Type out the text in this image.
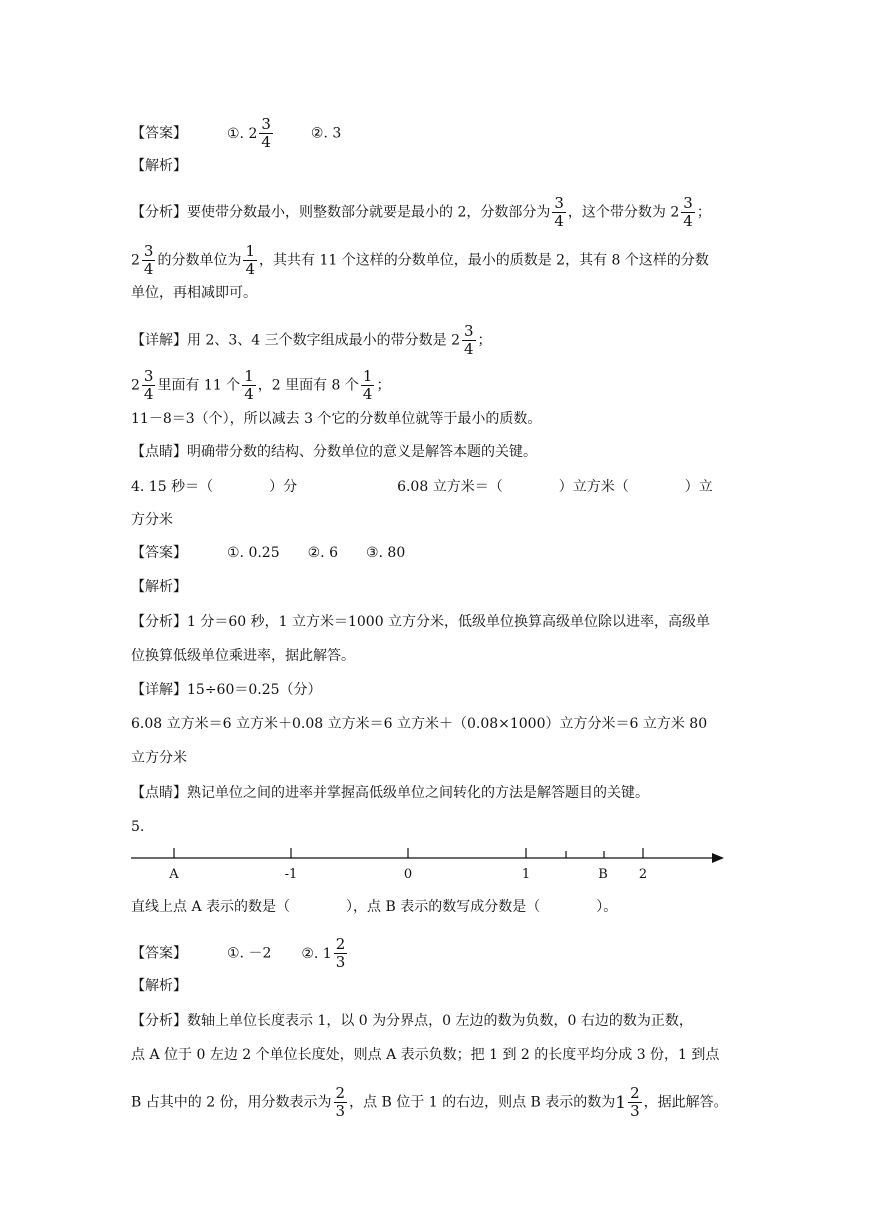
【答案】	①. $2 \frac{3}{4}$	②. 3
【解析】
【分析】要使带分数最小，则整数部分就要是最小的 2，分数部分为 $\frac{3}{4}$ ，这个带分数为 $2 \frac{3}{4}$ ；
$2 \frac{3}{4}$ 的分数单位为 $\frac{1}{4}$ ，其共有 11 个这样的分数单位，最小的质数是 2，其有 8 个这样的分数
单位，再相减即可。
【详解】用 2、3、4 三个数字组成最小的带分数是 $2 \frac{3}{4}$ ；
$2 \frac{3}{4}$ 里面有 11 个 $\frac{1}{4}$ ，2 里面有 8 个 $\frac{1}{4}$ ；
11－8＝3（个），所以减去 3 个它的分数单位就等于最小的质数。
【点睛】明确带分数的结构、分数单位的意义是解答本题的关键。
4. 15 秒＝（　　　　）分	6.08 立方米＝（　　　　）立方米（　　　　）立
方分米
【答案】	①. 0.25　　②. 6　　③. 80
【解析】
【分析】1 分＝60 秒，1 立方米＝1000 立方分米，低级单位换算高级单位除以进率，高级单
位换算低级单位乘进率，据此解答。
【详解】15÷60＝0.25（分）
6.08 立方米＝6 立方米＋0.08 立方米＝6 立方米＋（0.08×1000）立方分米＝6 立方米 80
立方分米
【点睛】熟记单位之间的进率并掌握高低级单位之间转化的方法是解答题目的关键。
5.
A	-1	0	1	B 2
直线上点 A 表示的数是（　　　　），点 B 表示的数写成分数是（　　　　）。
【答案】	①. －2 ②. $1 \frac{2}{3}$
【解析】
【分析】数轴上单位长度表示 1，以 0 为分界点，0 左边的数为负数，0 右边的数为正数，
点 A 位于 0 左边 2 个单位长度处，则点 A 表示负数；把 1 到 2 的长度平均分成 3 份，1 到点
B 占其中的 2 份，用分数表示为 $\frac{2}{3}$ ，点 B 位于 1 的右边，则点 B 表示的数为 $1 \frac{2}{3}$ ，据此解答。
